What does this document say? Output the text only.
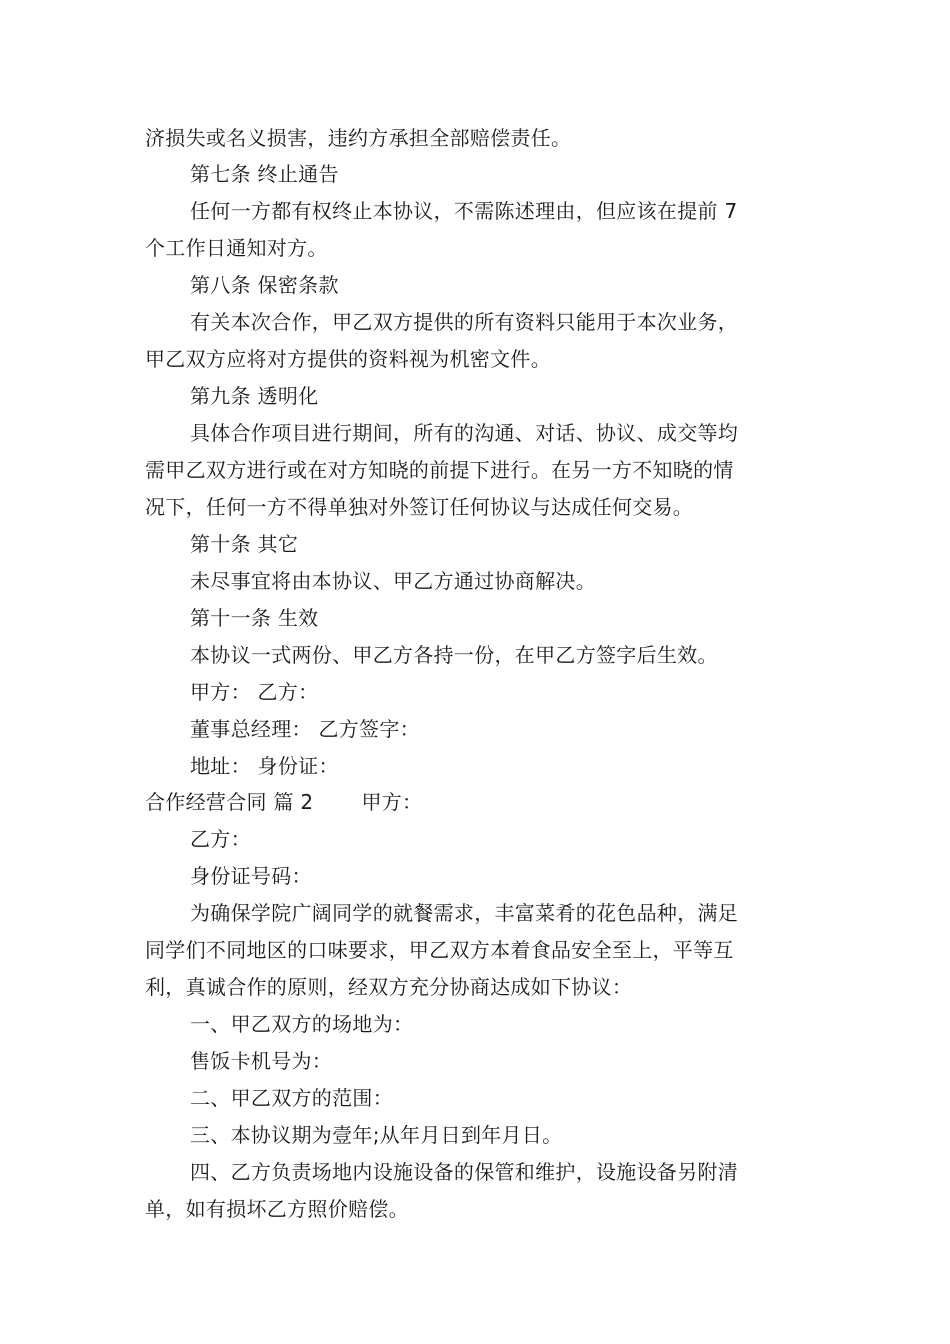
济损失或名义损害，违约方承担全部赔偿责任。
第七条 终止通告
任何一方都有权终止本协议，不需陈述理由，但应该在提前 7
个工作日通知对方。
第八条 保密条款
有关本次合作，甲乙双方提供的所有资料只能用于本次业务，
甲乙双方应将对方提供的资料视为机密文件。
第九条 透明化
具体合作项目进行期间，所有的沟通、对话、协议、成交等均
需甲乙双方进行或在对方知晓的前提下进行。在另一方不知晓的情
况下，任何一方不得单独对外签订任何协议与达成任何交易。
第十条 其它
未尽事宜将由本协议、甲乙方通过协商解决。
第十一条 生效
本协议一式两份、甲乙方各持一份，在甲乙方签字后生效。
甲方： 乙方：
董事总经理： 乙方签字：
地址： 身份证：
合作经营合同 篇 2 甲方：
乙方：
身份证号码：
为确保学院广阔同学的就餐需求，丰富菜肴的花色品种，满足
同学们不同地区的口味要求，甲乙双方本着食品安全至上，平等互
利，真诚合作的原则，经双方充分协商达成如下协议：
一、甲乙双方的场地为：
售饭卡机号为：
二、甲乙双方的范围：
三、本协议期为壹年;从年月日到年月日。
四、乙方负责场地内设施设备的保管和维护，设施设备另附清
单，如有损坏乙方照价赔偿。
